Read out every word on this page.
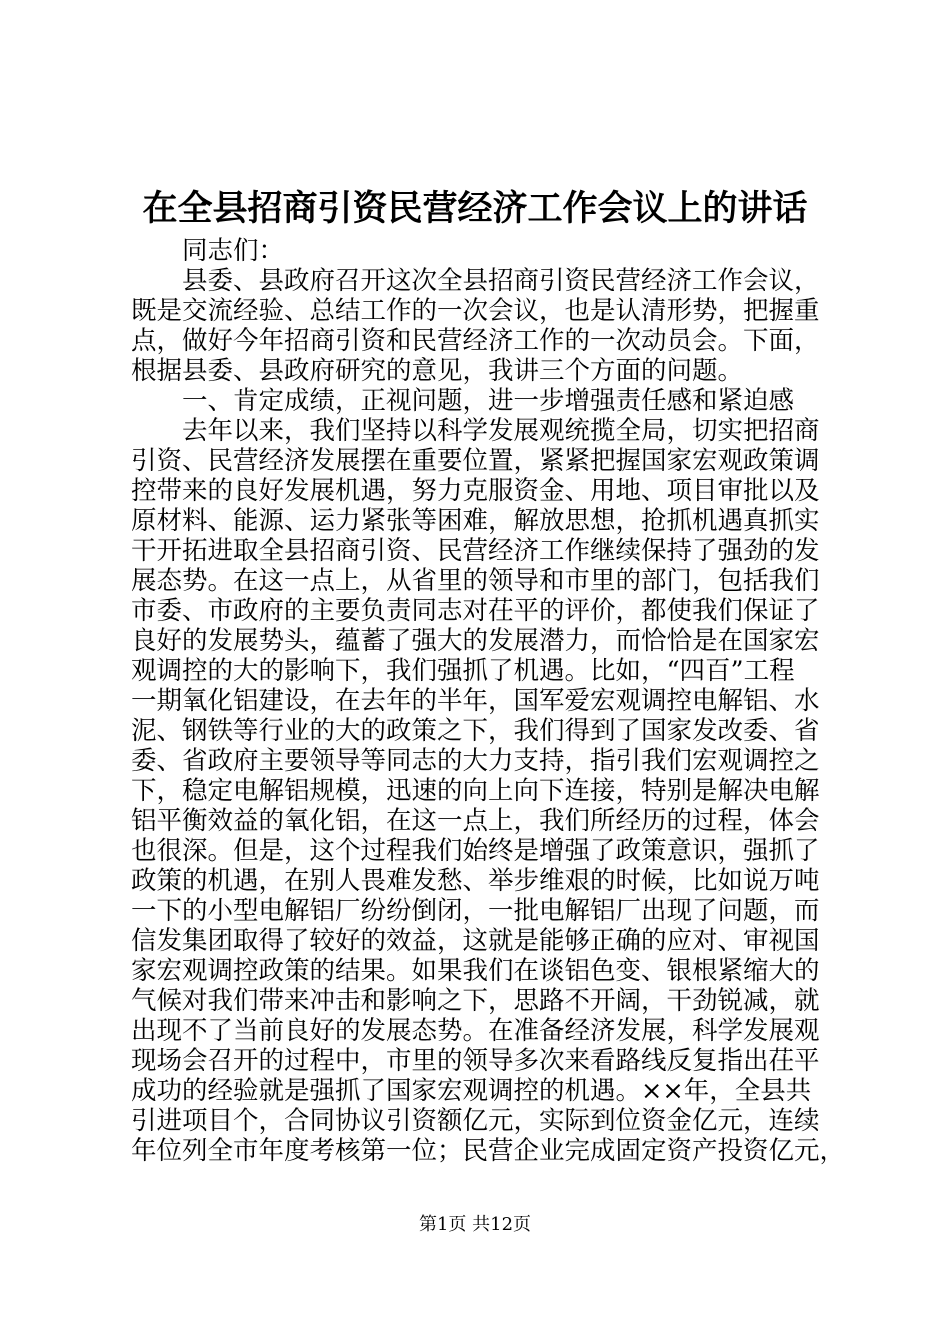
在全县招商引资民营经济工作会议上的讲话
同志们：
县委、县政府召开这次全县招商引资民营经济工作会议，
既是交流经验、总结工作的一次会议，也是认清形势，把握重
点，做好今年招商引资和民营经济工作的一次动员会。下面，
根据县委、县政府研究的意见，我讲三个方面的问题。
一、肯定成绩，正视问题，进一步增强责任感和紧迫感
去年以来，我们坚持以科学发展观统揽全局，切实把招商
引资、民营经济发展摆在重要位置，紧紧把握国家宏观政策调
控带来的良好发展机遇，努力克服资金、用地、项目审批以及
原材料、能源、运力紧张等困难，解放思想，抢抓机遇真抓实
干开拓进取全县招商引资、民营经济工作继续保持了强劲的发
展态势。在这一点上，从省里的领导和市里的部门，包括我们
市委、市政府的主要负责同志对茌平的评价，都使我们保证了
良好的发展势头，蕴蓄了强大的发展潜力，而恰恰是在国家宏
观调控的大的影响下，我们强抓了机遇。比如，“四百”工程
一期氧化铝建设，在去年的半年，国军爱宏观调控电解铝、水
泥、钢铁等行业的大的政策之下，我们得到了国家发改委、省
委、省政府主要领导等同志的大力支持，指引我们宏观调控之
下，稳定电解铝规模，迅速的向上向下连接，特别是解决电解
铝平衡效益的氧化铝，在这一点上，我们所经历的过程，体会
也很深。但是，这个过程我们始终是增强了政策意识，强抓了
政策的机遇，在别人畏难发愁、举步维艰的时候，比如说万吨
一下的小型电解铝厂纷纷倒闭，一批电解铝厂出现了问题，而
信发集团取得了较好的效益，这就是能够正确的应对、审视国
家宏观调控政策的结果。如果我们在谈铝色变、银根紧缩大的
气候对我们带来冲击和影响之下，思路不开阔，干劲锐减，就
出现不了当前良好的发展态势。在准备经济发展，科学发展观
现场会召开的过程中，市里的领导多次来看路线反复指出茌平
成功的经验就是强抓了国家宏观调控的机遇。××年，全县共
引进项目个，合同协议引资额亿元，实际到位资金亿元，连续
年位列全市年度考核第一位；民营企业完成固定资产投资亿元，
第1页 共12页
